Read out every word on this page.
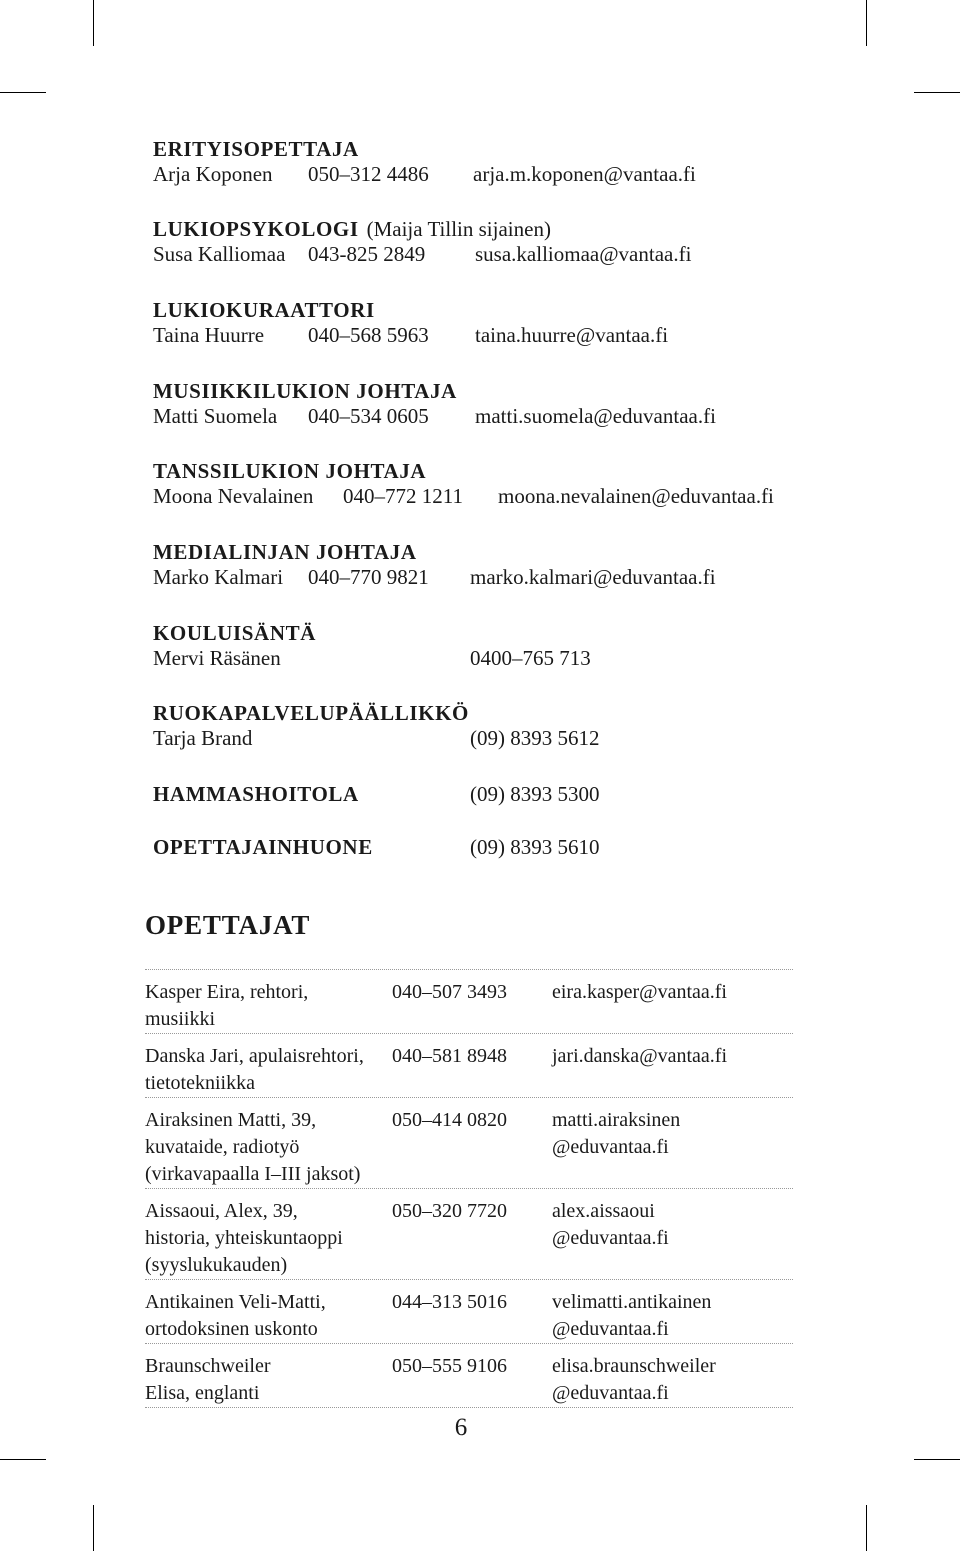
ERITYISOPETTAJA
Arja Koponen 050–312 4486 arja.m.koponen@vantaa.fi
LUKIOPSYKOLOGI (Maija Tillin sijainen)
Susa Kalliomaa 043-825 2849 susa.kalliomaa@vantaa.fi
LUKIOKURAATTORI
Taina Huurre 040–568 5963 taina.huurre@vantaa.fi
MUSIIKKILUKION JOHTAJA
Matti Suomela 040–534 0605 matti.suomela@eduvantaa.fi
TANSSILUKION JOHTAJA
Moona Nevalainen 040–772 1211 moona.nevalainen@eduvantaa.fi
MEDIALINJAN JOHTAJA
Marko Kalmari 040–770 9821 marko.kalmari@eduvantaa.fi
KOULUISÄNTÄ
Mervi Räsänen	0400–765 713
RUOKAPALVELUPÄÄLLIKKÖ
Tarja Brand	(09) 8393 5612
HAMMASHOITOLA	(09) 8393 5300
OPETTAJAINHUONE	(09) 8393 5610
OPETTAJAT
Kasper Eira, rehtori,
musiikki
040–507 3493 eira.kasper@vantaa.fi
Danska Jari, apulaisrehtori,
tietotekniikka
040–581 8948 jari.danska@vantaa.fi
Airaksinen Matti, 39,
kuvataide, radiotyö
(virkavapaalla I–III jaksot)
050–414 0820 matti.airaksinen
@eduvantaa.fi
Aissaoui, Alex, 39,
historia, yhteiskuntaoppi
(syyslukukauden)
050–320 7720 alex.aissaoui
@eduvantaa.fi
Antikainen Veli-Matti,
ortodoksinen uskonto
044–313 5016 velimatti.antikainen
@eduvantaa.fi
Braunschweiler
Elisa, englanti
050–555 9106 elisa.braunschweiler
@eduvantaa.fi
6
